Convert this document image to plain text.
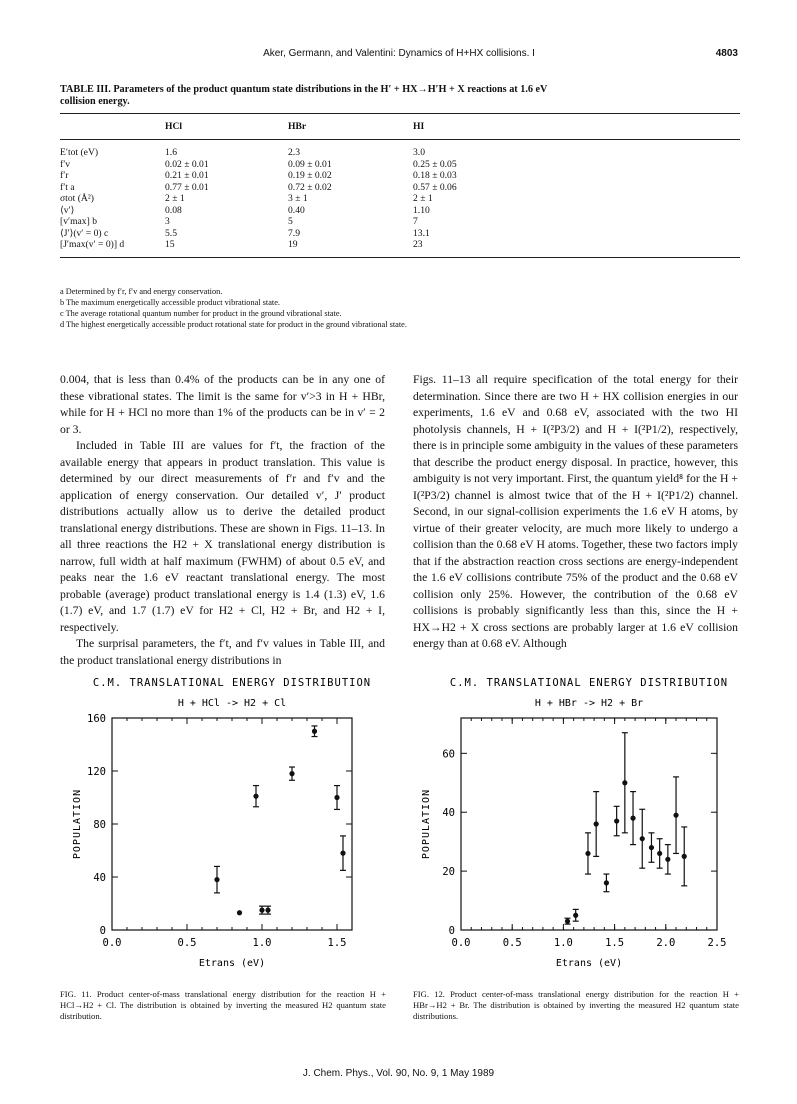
Aker, Germann, and Valentini: Dynamics of H+HX collisions. I	4803
TABLE III. Parameters of the product quantum state distributions in the H′ + HX→H′H + X reactions at 1.6 eV collision energy.
	HCl	HBr	HI
E′tot (eV)	1.6	2.3	3.0
f′v	0.02 ± 0.01	0.09 ± 0.01	0.25 ± 0.05
f′r	0.21 ± 0.01	0.19 ± 0.02	0.18 ± 0.03
f′t a	0.77 ± 0.01	0.72 ± 0.02	0.57 ± 0.06
σtot (Å²)	2 ± 1	3 ± 1	2 ± 1
⟨v′⟩	0.08	0.40	1.10
[v′max] b	3	5	7
⟨J′⟩(v′ = 0) c	5.5	7.9	13.1
[J′max(v′ = 0)] d	15	19	23
a Determined by f′r, f′v and energy conservation.
b The maximum energetically accessible product vibrational state.
c The average rotational quantum number for product in the ground vibrational state.
d The highest energetically accessible product rotational state for product in the ground vibrational state.

0.004, that is less than 0.4% of the products can be in any one of these vibrational states. The limit is the same for v′>3 in H + HBr, while for H + HCl no more than 1% of the products can be in v′ = 2 or 3.

Included in Table III are values for f′t, the fraction of the available energy that appears in product translation. This value is determined by our direct measurements of f′r and f′v and the application of energy conservation. Our detailed v′, J′ product distributions actually allow us to derive the detailed product translational energy distributions. These are shown in Figs. 11–13. In all three reactions the H2 + X translational energy distribution is narrow, full width at half maximum (FWHM) of about 0.5 eV, and peaks near the 1.6 eV reactant translational energy. The most probable (average) product translational energy is 1.4 (1.3) eV, 1.6 (1.7) eV, and 1.7 (1.7) eV for H2 + Cl, H2 + Br, and H2 + I, respectively.

The surprisal parameters, the f′t, and f′v values in Table III, and the product translational energy distributions in

Figs. 11–13 all require specification of the total energy for their determination. Since there are two H + HX collision energies in our experiments, 1.6 eV and 0.68 eV, associated with the two HI photolysis channels, H + I(²P3/2) and H + I(²P1/2), respectively, there is in principle some ambiguity in the values of these parameters that describe the product energy disposal. In practice, however, this ambiguity is not very important. First, the quantum yield⁸ for the H + I(²P3/2) channel is almost twice that of the H + I(²P1/2) channel. Second, in our signal-collision experiments the 1.6 eV H atoms, by virtue of their greater velocity, are much more likely to undergo a collision than the 0.68 eV H atoms. Together, these two factors imply that if the abstraction reaction cross sections are energy-independent the 1.6 eV collisions contribute 75% of the product and the 0.68 eV collision only 25%. However, the contribution of the 0.68 eV collisions is probably significantly less than this, since the H + HX→H2 + X cross sections are probably larger at 1.6 eV collision energy than at 0.68 eV. Although

C.M. TRANSLATIONAL ENERGY DISTRIBUTION
H + HCl -> H2 + Cl
0.0	0.5	1.0	1.5
40
80
120
160
0
POPULATION
Etrans (eV)
C.M. TRANSLATIONAL ENERGY DISTRIBUTION
H + HBr -> H2 + Br
0.0	0.5	1.0	1.5	2.0	2.5
20
40
60
0
POPULATION
Etrans (eV)
FIG. 11. Product center-of-mass translational energy distribution for the reaction H + HCl→H2 + Cl. The distribution is obtained by inverting the measured H2 quantum state distribution.
FIG. 12. Product center-of-mass translational energy distribution for the reaction H + HBr→H2 + Br. The distribution is obtained by inverting the measured H2 quantum state distributions.
J. Chem. Phys., Vol. 90, No. 9, 1 May 1989
